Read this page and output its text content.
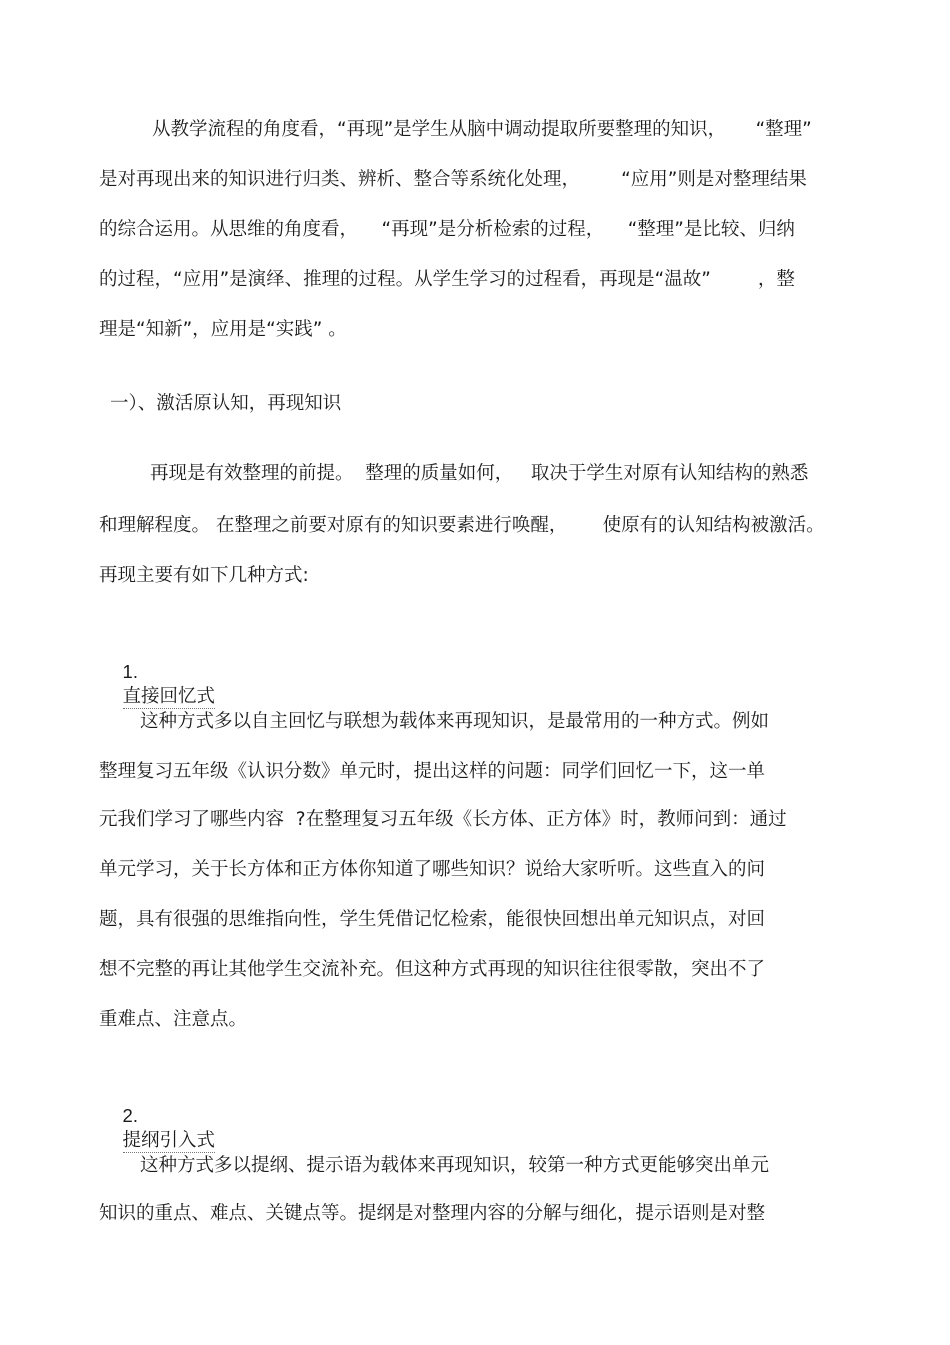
从教学流程的角度看，“再现”是学生从脑中调动提取所要整理的知识，     “整理”
是对再现出来的知识进行归类、辨析、整合等系统化处理，       “应用”则是对整理结果
的综合运用。从思维的角度看，    “再现”是分析检索的过程，    “整理”是比较、归纳
的过程，“应用”是演绎、推理的过程。从学生学习的过程看，再现是“温故”        ，整
理是“知新”，应用是“实践” 。
一）、激活原认知，再现知识
再现是有效整理的前提。  整理的质量如何，   取决于学生对原有认知结构的熟悉
和理解程度。 在整理之前要对原有的知识要素进行唤醒，      使原有的认知结构被激活。
再现主要有如下几种方式:

1.
直接回忆式

这种方式多以自主回忆与联想为载体来再现知识，是最常用的一种方式。例如
整理复习五年级《认识分数》单元时，提出这样的问题：同学们回忆一下，这一单
元我们学习了哪些内容  ?在整理复习五年级《长方体、正方体》时，教师问到：通过
单元学习，关于长方体和正方体你知道了哪些知识？说给大家听听。这些直入的问
题，具有很强的思维指向性，学生凭借记忆检索，能很快回想出单元知识点，对回
想不完整的再让其他学生交流补充。但这种方式再现的知识往往很零散，突出不了
重难点、注意点。

2.
提纲引入式

这种方式多以提纲、提示语为载体来再现知识，较第一种方式更能够突出单元
知识的重点、难点、关键点等。提纲是对整理内容的分解与细化，提示语则是对整
